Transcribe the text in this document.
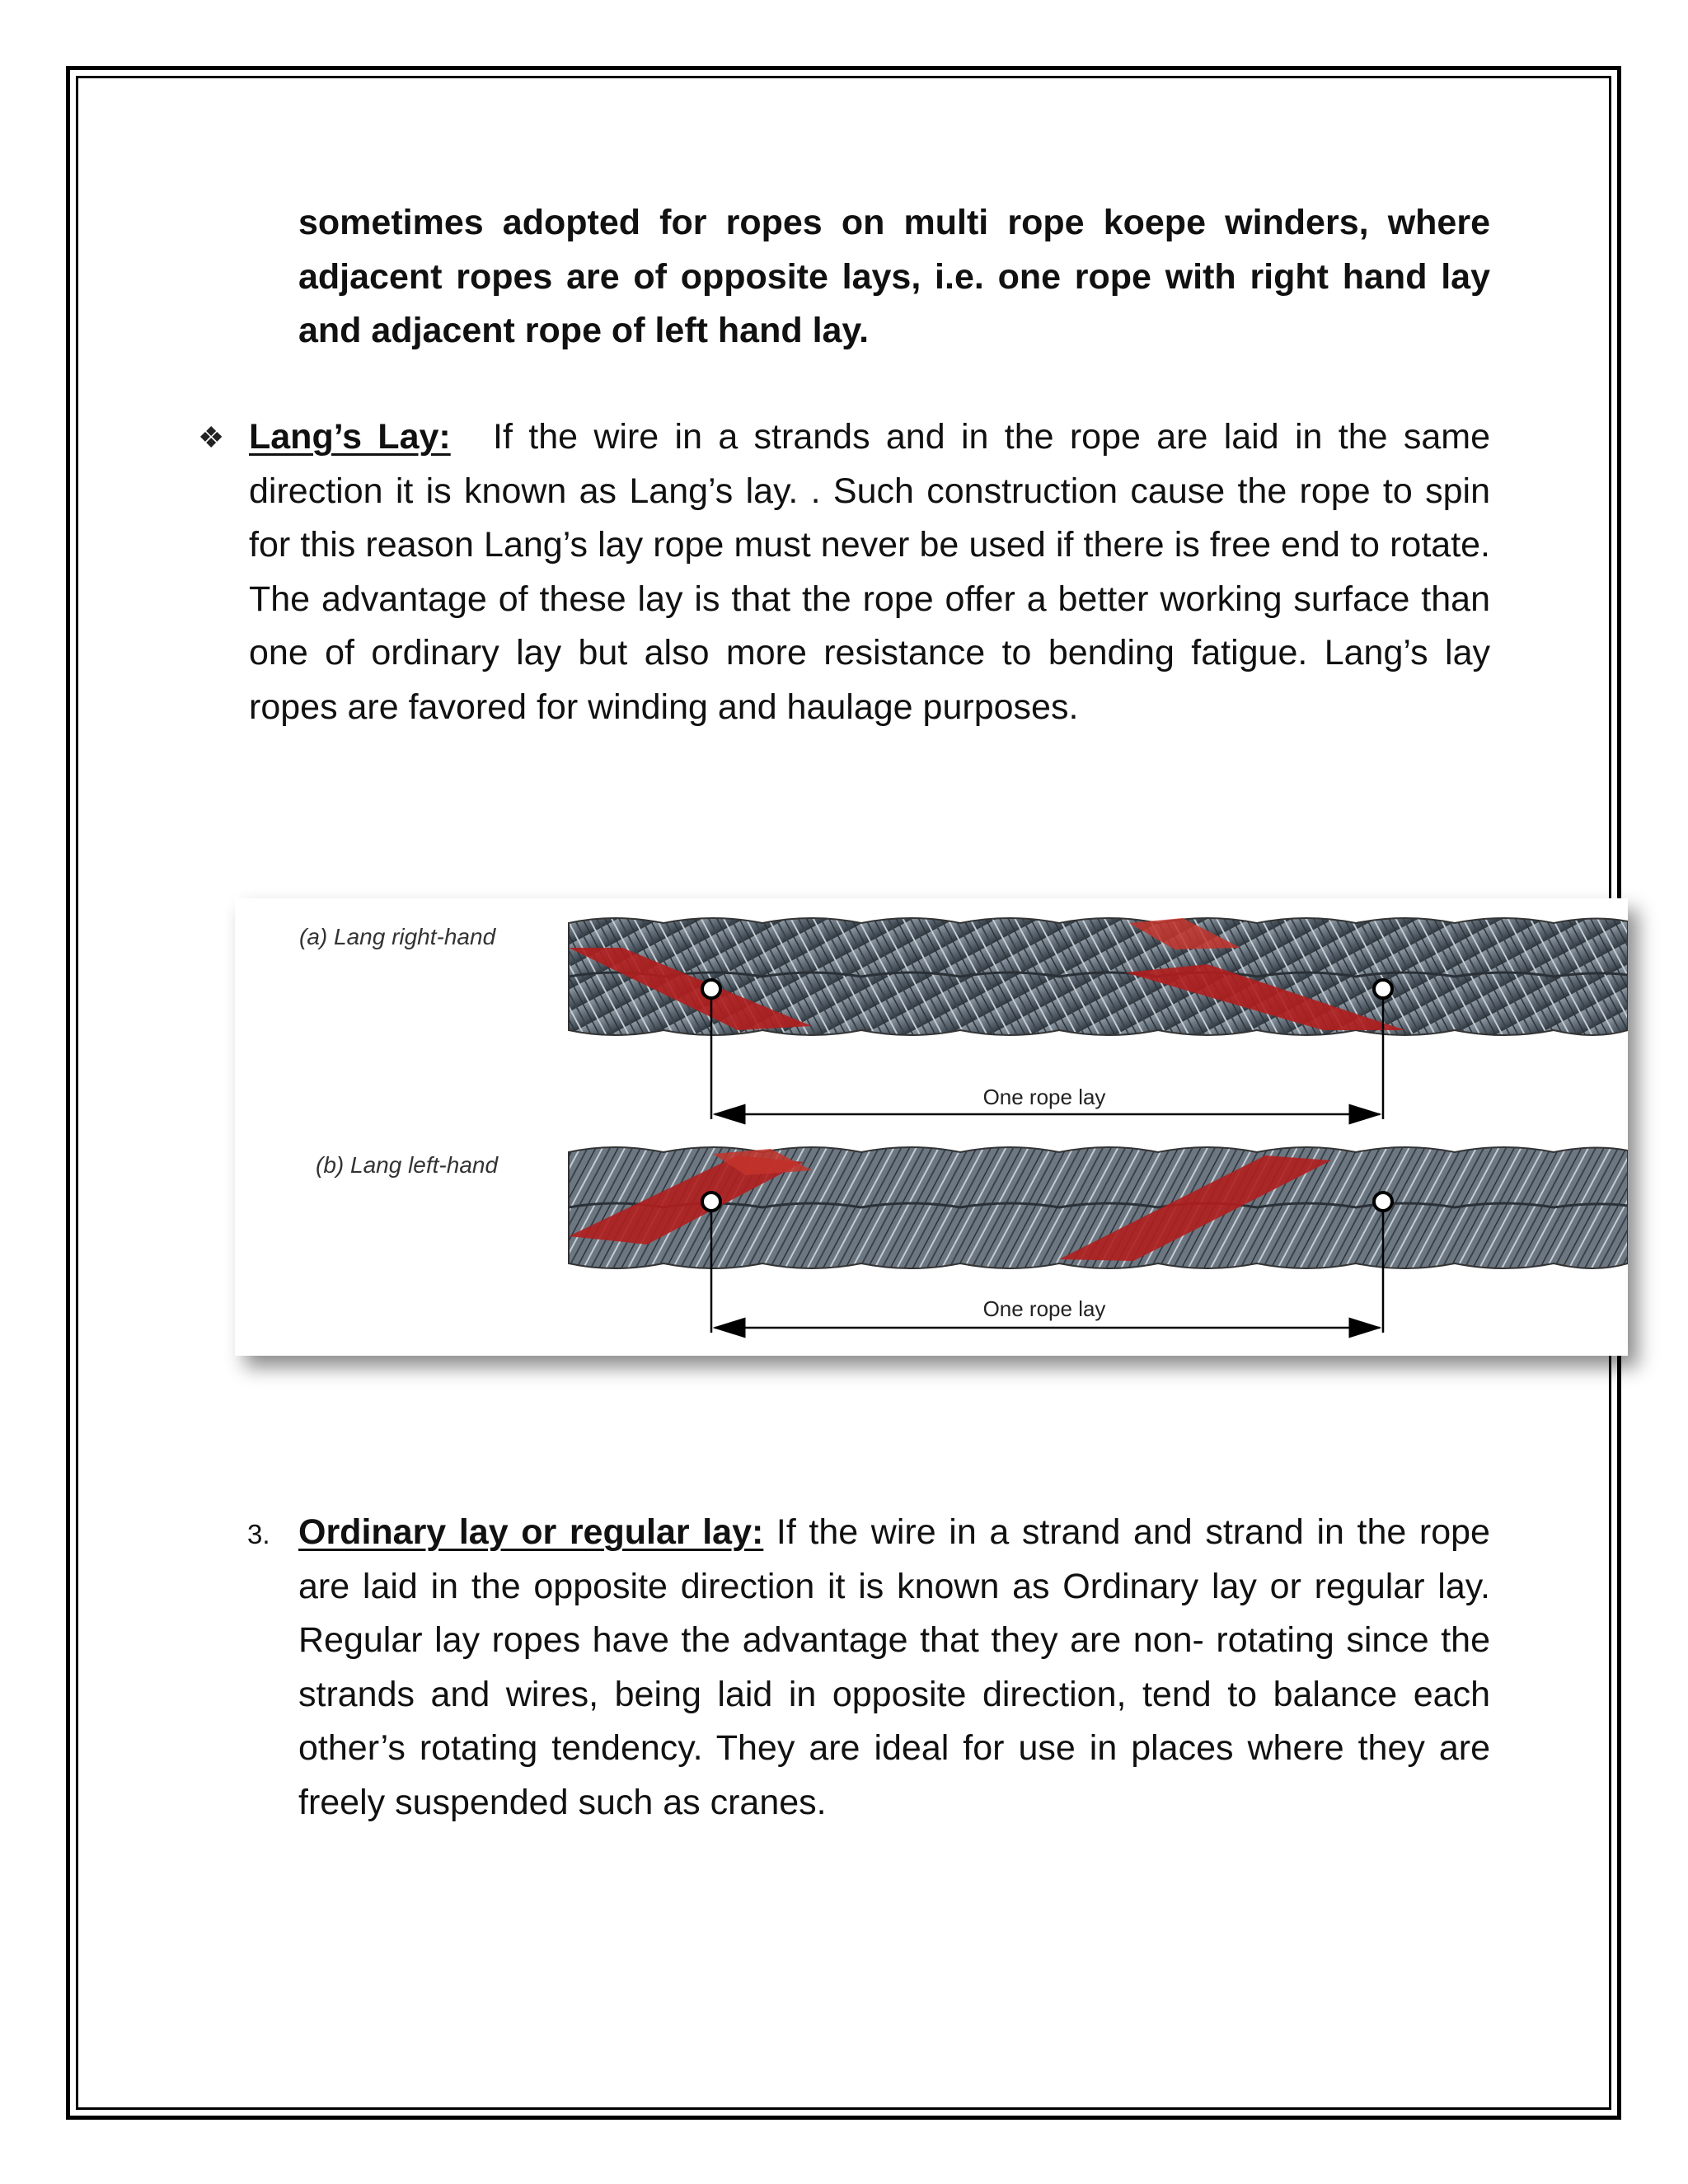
sometimes adopted for ropes on multi rope koepe winders, where adjacent ropes are of opposite lays, i.e. one rope with right hand lay and adjacent rope of left hand lay.
❖ Lang’s Lay: If the wire in a strands and in the rope are laid in the same direction it is known as Lang’s lay. . Such construction cause the rope to spin for this reason Lang’s lay rope must never be used if there is free end to rotate. The advantage of these lay is that the rope offer a better working surface than one of ordinary lay but also more resistance to bending fatigue. Lang’s lay ropes are favored for winding and haulage purposes.
(a) Lang right-hand
(b) Lang left-hand
One rope lay
One rope lay
3. Ordinary lay or regular lay: If the wire in a strand and strand in the rope are laid in the opposite direction it is known as Ordinary lay or regular lay. Regular lay ropes have the advantage that they are non- rotating since the strands and wires, being laid in opposite direction, tend to balance each other’s rotating tendency. They are ideal for use in places where they are freely suspended such as cranes.
